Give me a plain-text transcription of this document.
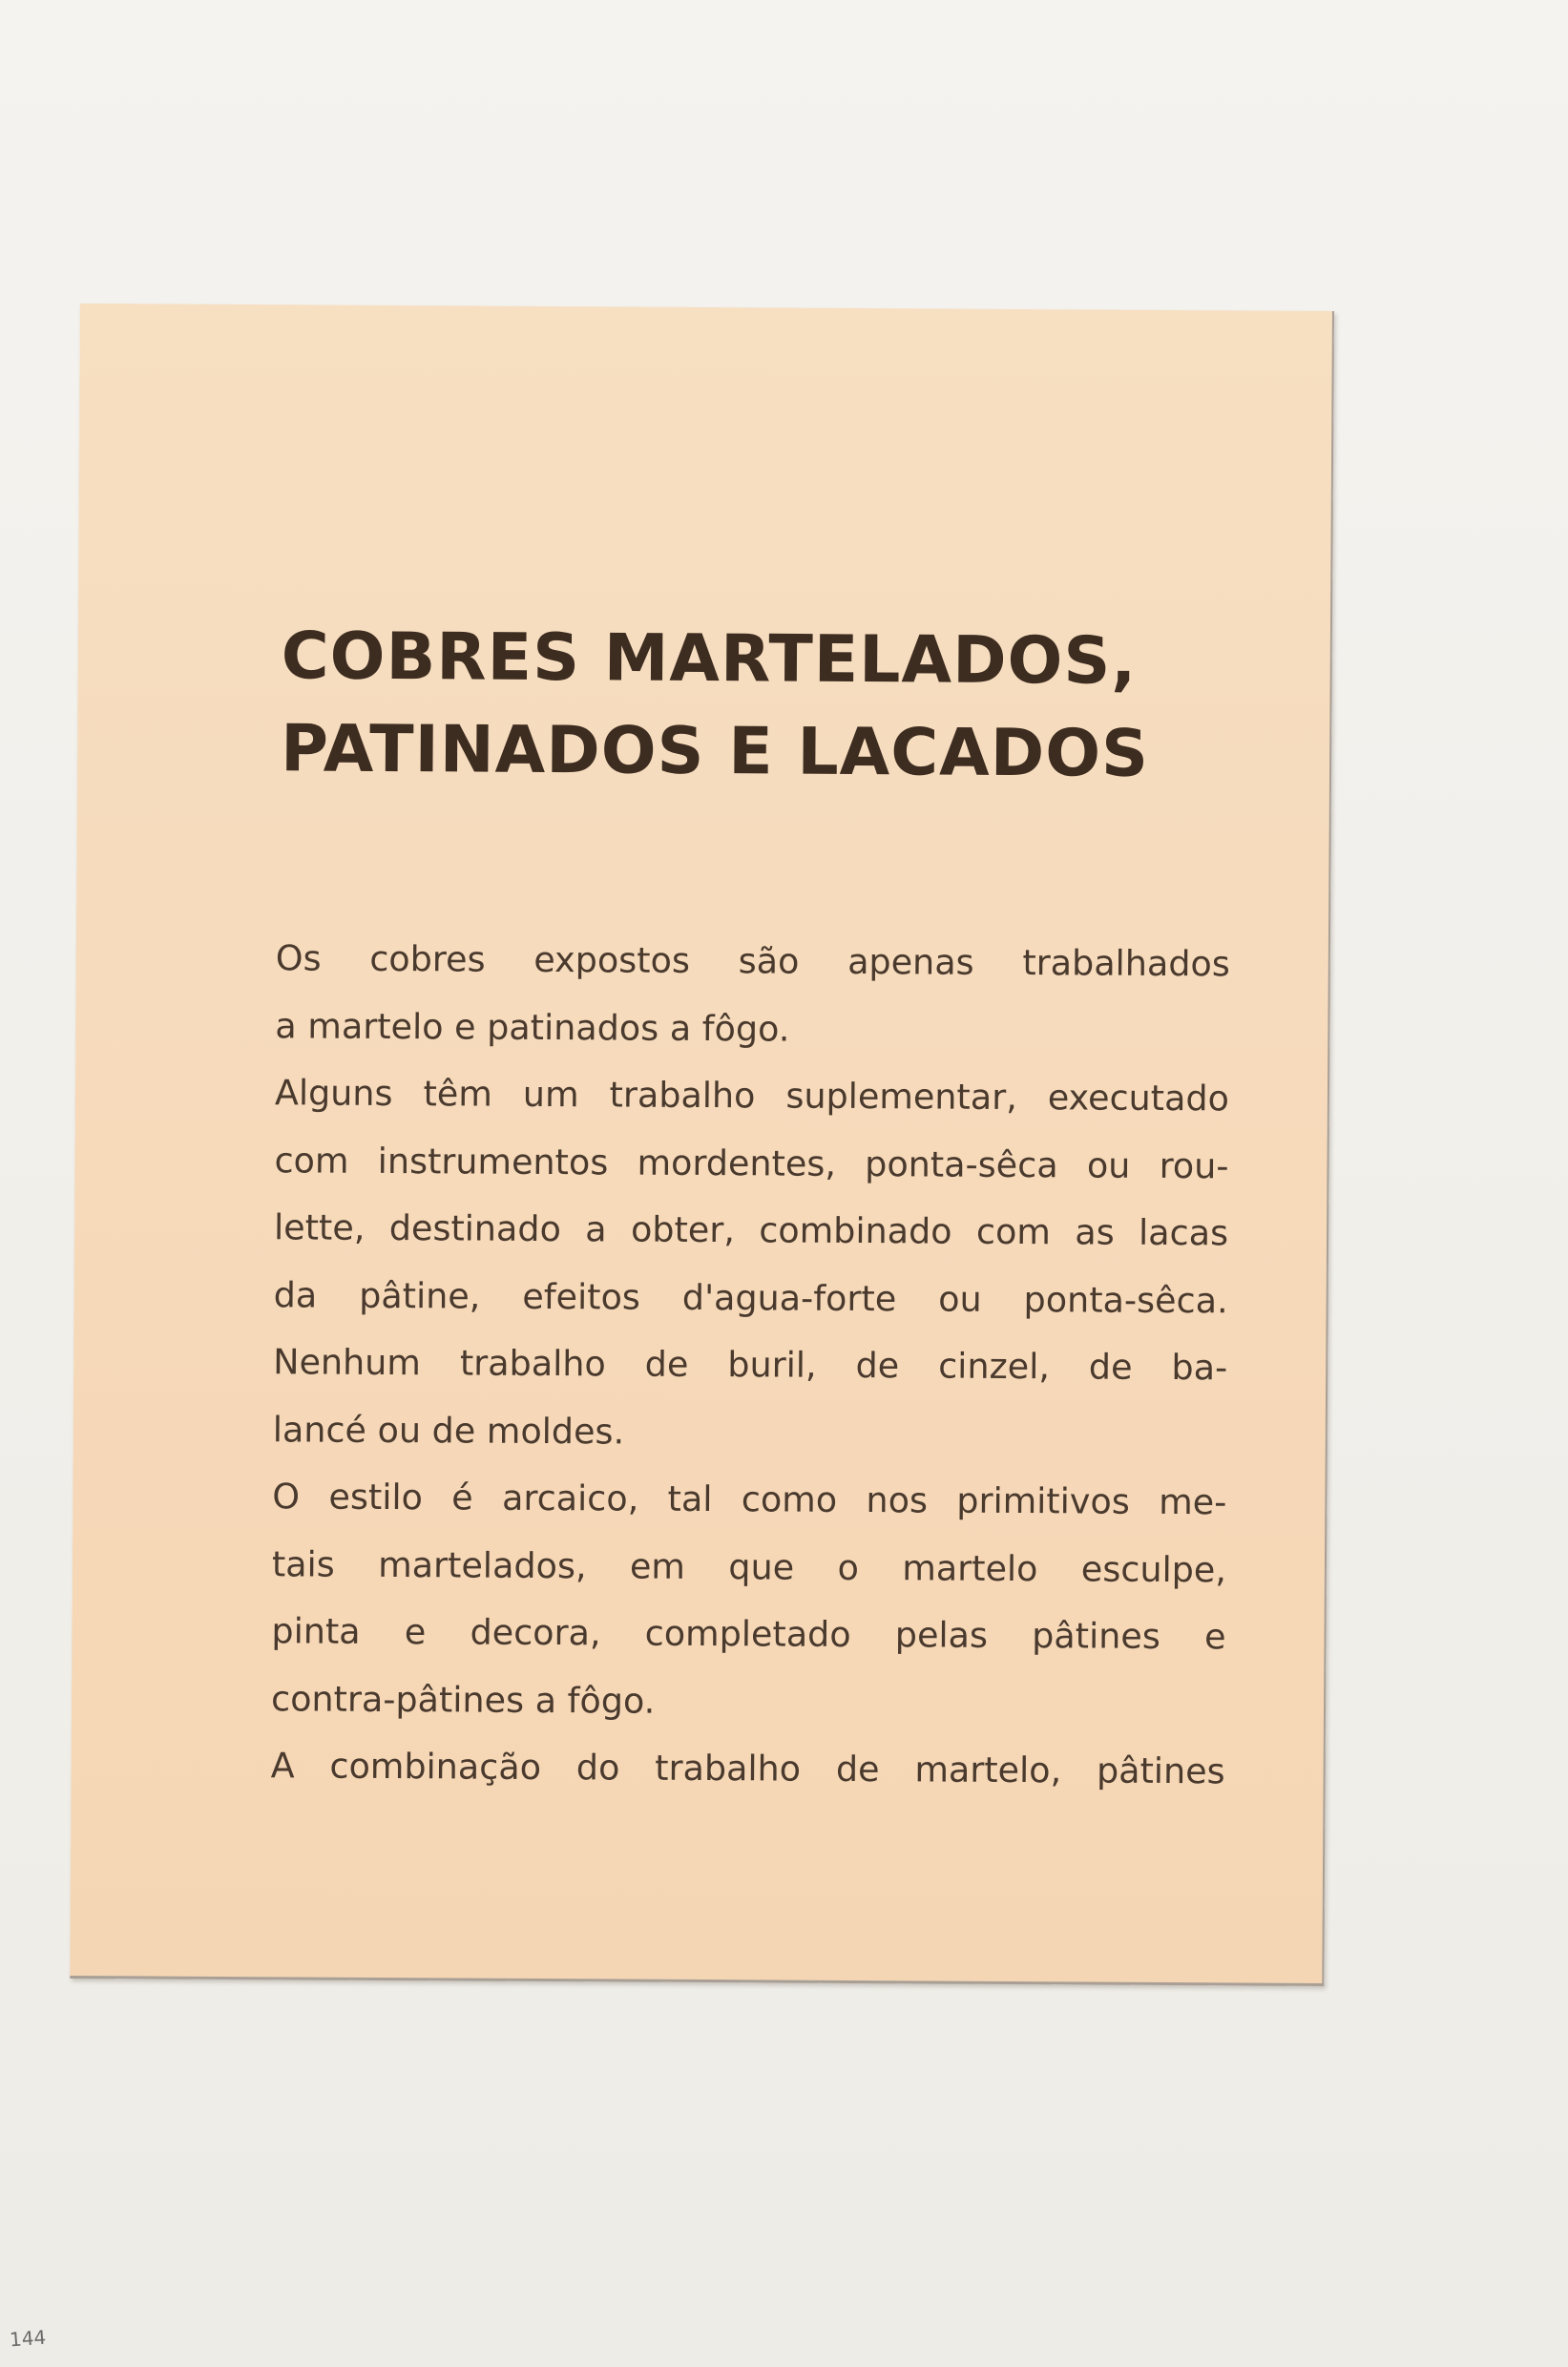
COBRES MARTELADOS,
PATINADOS E LACADOS

Os cobres expostos são apenas trabalhados
a martelo e patinados a fôgo.

Alguns têm um trabalho suplementar, executado
com instrumentos mordentes, ponta-sêca ou rou-
lette, destinado a obter, combinado com as lacas
da pâtine, efeitos d'agua-forte ou ponta-sêca.
Nenhum trabalho de buril, de cinzel, de ba-
lancé ou de moldes.

O estilo é arcaico, tal como nos primitivos me-
tais martelados, em que o martelo esculpe,
pinta e decora, completado pelas pâtines e
contra-pâtines a fôgo.

A combinação do trabalho de martelo, pâtines

144
